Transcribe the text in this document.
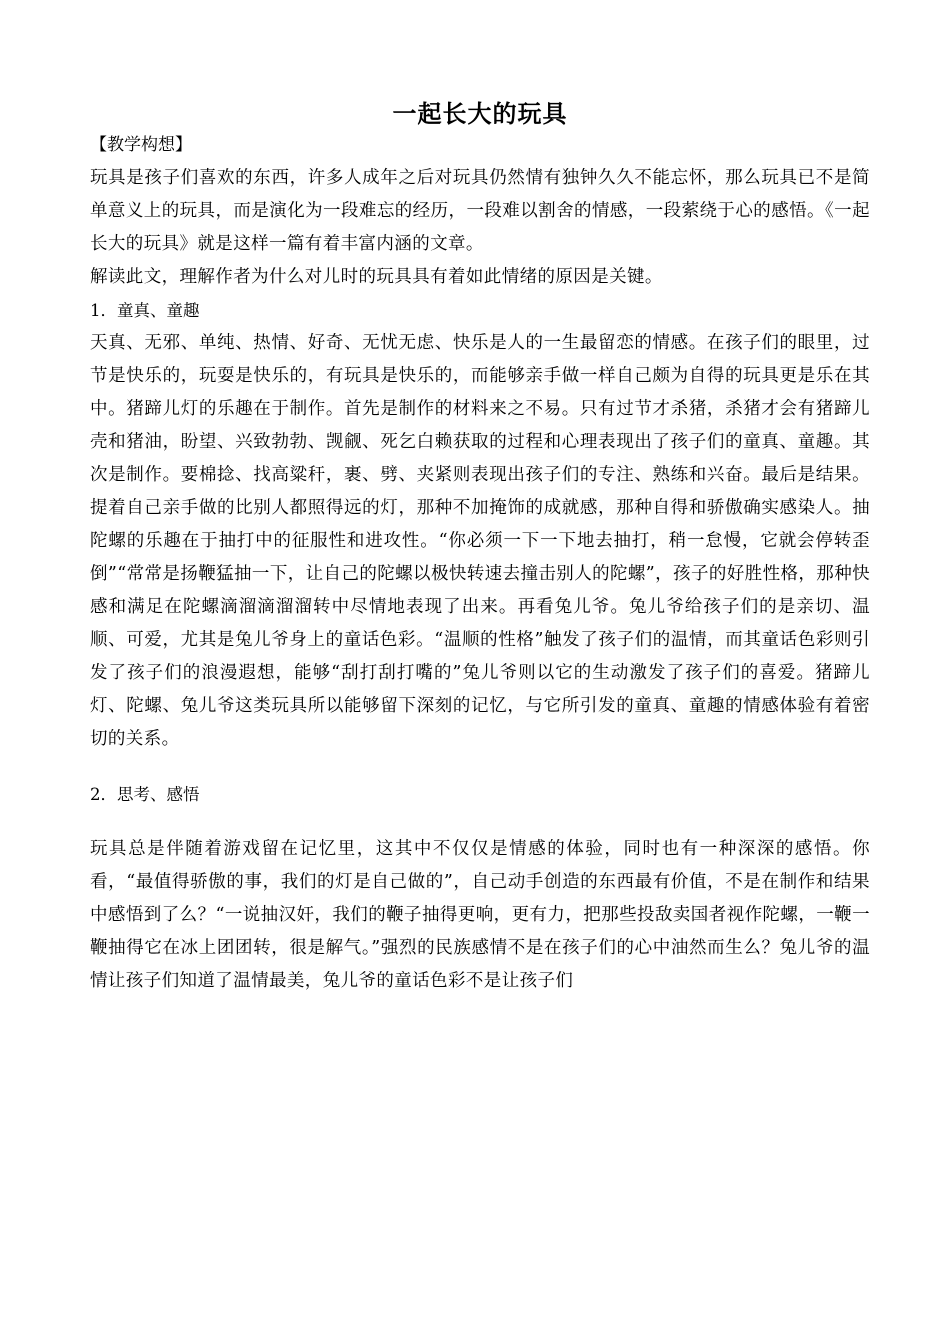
一起长大的玩具

【教学构想】

玩具是孩子们喜欢的东西，许多人成年之后对玩具仍然情有独钟久久不能忘怀，那么玩具已不是简单意义上的玩具，而是演化为一段难忘的经历，一段难以割舍的情感，一段萦绕于心的感悟。《一起长大的玩具》就是这样一篇有着丰富内涵的文章。

解读此文，理解作者为什么对儿时的玩具具有着如此情绪的原因是关键。

1．童真、童趣

天真、无邪、单纯、热情、好奇、无忧无虑、快乐是人的一生最留恋的情感。在孩子们的眼里，过节是快乐的，玩耍是快乐的，有玩具是快乐的，而能够亲手做一样自己颇为自得的玩具更是乐在其中。猪蹄儿灯的乐趣在于制作。首先是制作的材料来之不易。只有过节才杀猪，杀猪才会有猪蹄儿壳和猪油，盼望、兴致勃勃、觊觎、死乞白赖获取的过程和心理表现出了孩子们的童真、童趣。其次是制作。要棉捻、找高粱秆，裹、劈、夹紧则表现出孩子们的专注、熟练和兴奋。最后是结果。提着自己亲手做的比别人都照得远的灯，那种不加掩饰的成就感，那种自得和骄傲确实感染人。抽陀螺的乐趣在于抽打中的征服性和进攻性。“你必须一下一下地去抽打，稍一怠慢，它就会停转歪倒”“常常是扬鞭猛抽一下，让自己的陀螺以极快转速去撞击别人的陀螺”，孩子的好胜性格，那种快感和满足在陀螺滴溜滴溜溜转中尽情地表现了出来。再看兔儿爷。兔儿爷给孩子们的是亲切、温顺、可爱，尤其是兔儿爷身上的童话色彩。“温顺的性格”触发了孩子们的温情，而其童话色彩则引发了孩子们的浪漫遐想，能够“刮打刮打嘴的”兔儿爷则以它的生动激发了孩子们的喜爱。猪蹄儿灯、陀螺、兔儿爷这类玩具所以能够留下深刻的记忆，与它所引发的童真、童趣的情感体验有着密切的关系。

2．思考、感悟

玩具总是伴随着游戏留在记忆里，这其中不仅仅是情感的体验，同时也有一种深深的感悟。你看，“最值得骄傲的事，我们的灯是自己做的”，自己动手创造的东西最有价值，不是在制作和结果中感悟到了么？“一说抽汉奸，我们的鞭子抽得更响，更有力，把那些投敌卖国者视作陀螺，一鞭一鞭抽得它在冰上团团转，很是解气。”强烈的民族感情不是在孩子们的心中油然而生么？兔儿爷的温情让孩子们知道了温情最美，兔儿爷的童话色彩不是让孩子们
